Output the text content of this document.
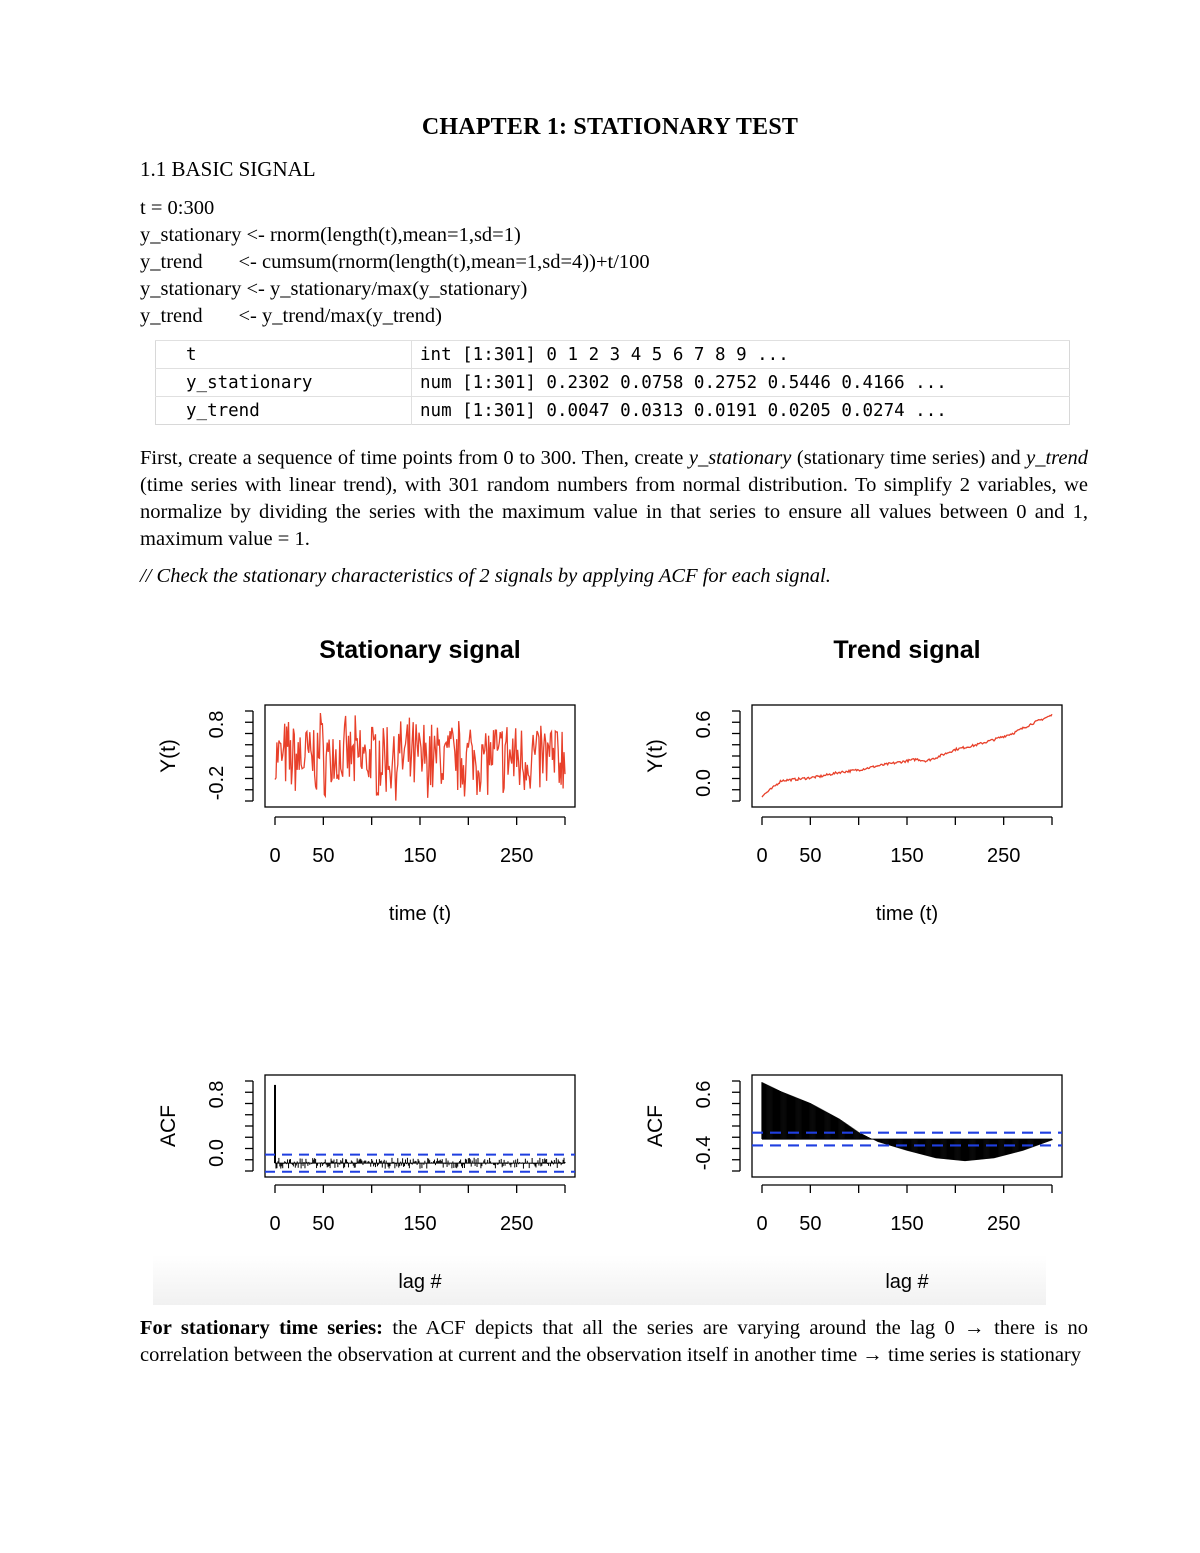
CHAPTER 1: STATIONARY TEST
1.1 BASIC SIGNAL
t = 0:300
y_stationary <- rnorm(length(t),mean=1,sd=1)
y_trend       <- cumsum(rnorm(length(t),mean=1,sd=4))+t/100
y_stationary <- y_stationary/max(y_stationary)
y_trend       <- y_trend/max(y_trend)
t	int [1:301] 0 1 2 3 4 5 6 7 8 9 ...
y_stationary	num [1:301] 0.2302 0.0758 0.2752 0.5446 0.4166 ...
y_trend	num [1:301] 0.0047 0.0313 0.0191 0.0205 0.0274 ...
First, create a sequence of time points from 0 to 300. Then, create y_stationary (stationary time series) and y_trend (time series with linear trend), with 301 random numbers from normal distribution. To simplify 2 variables, we normalize by dividing the series with the maximum value in that series to ensure all values between 0 and 1, maximum value = 1.
// Check the stationary characteristics of 2 signals by applying ACF for each signal.
Stationary signal
0 50	150	250
time (t)
-0.2
0.8
Y(t)
Trend signal
0 50	150	250
time (t)
0.0
0.6
Y(t)
0 50	150	250
lag #
0.0
0.8
ACF
0 50	150	250
lag #
-0.4
0.6
ACF
For stationary time series: the ACF depicts that all the series are varying around the lag 0 → there is no correlation between the observation at current and the observation itself in another time → time series is stationary
